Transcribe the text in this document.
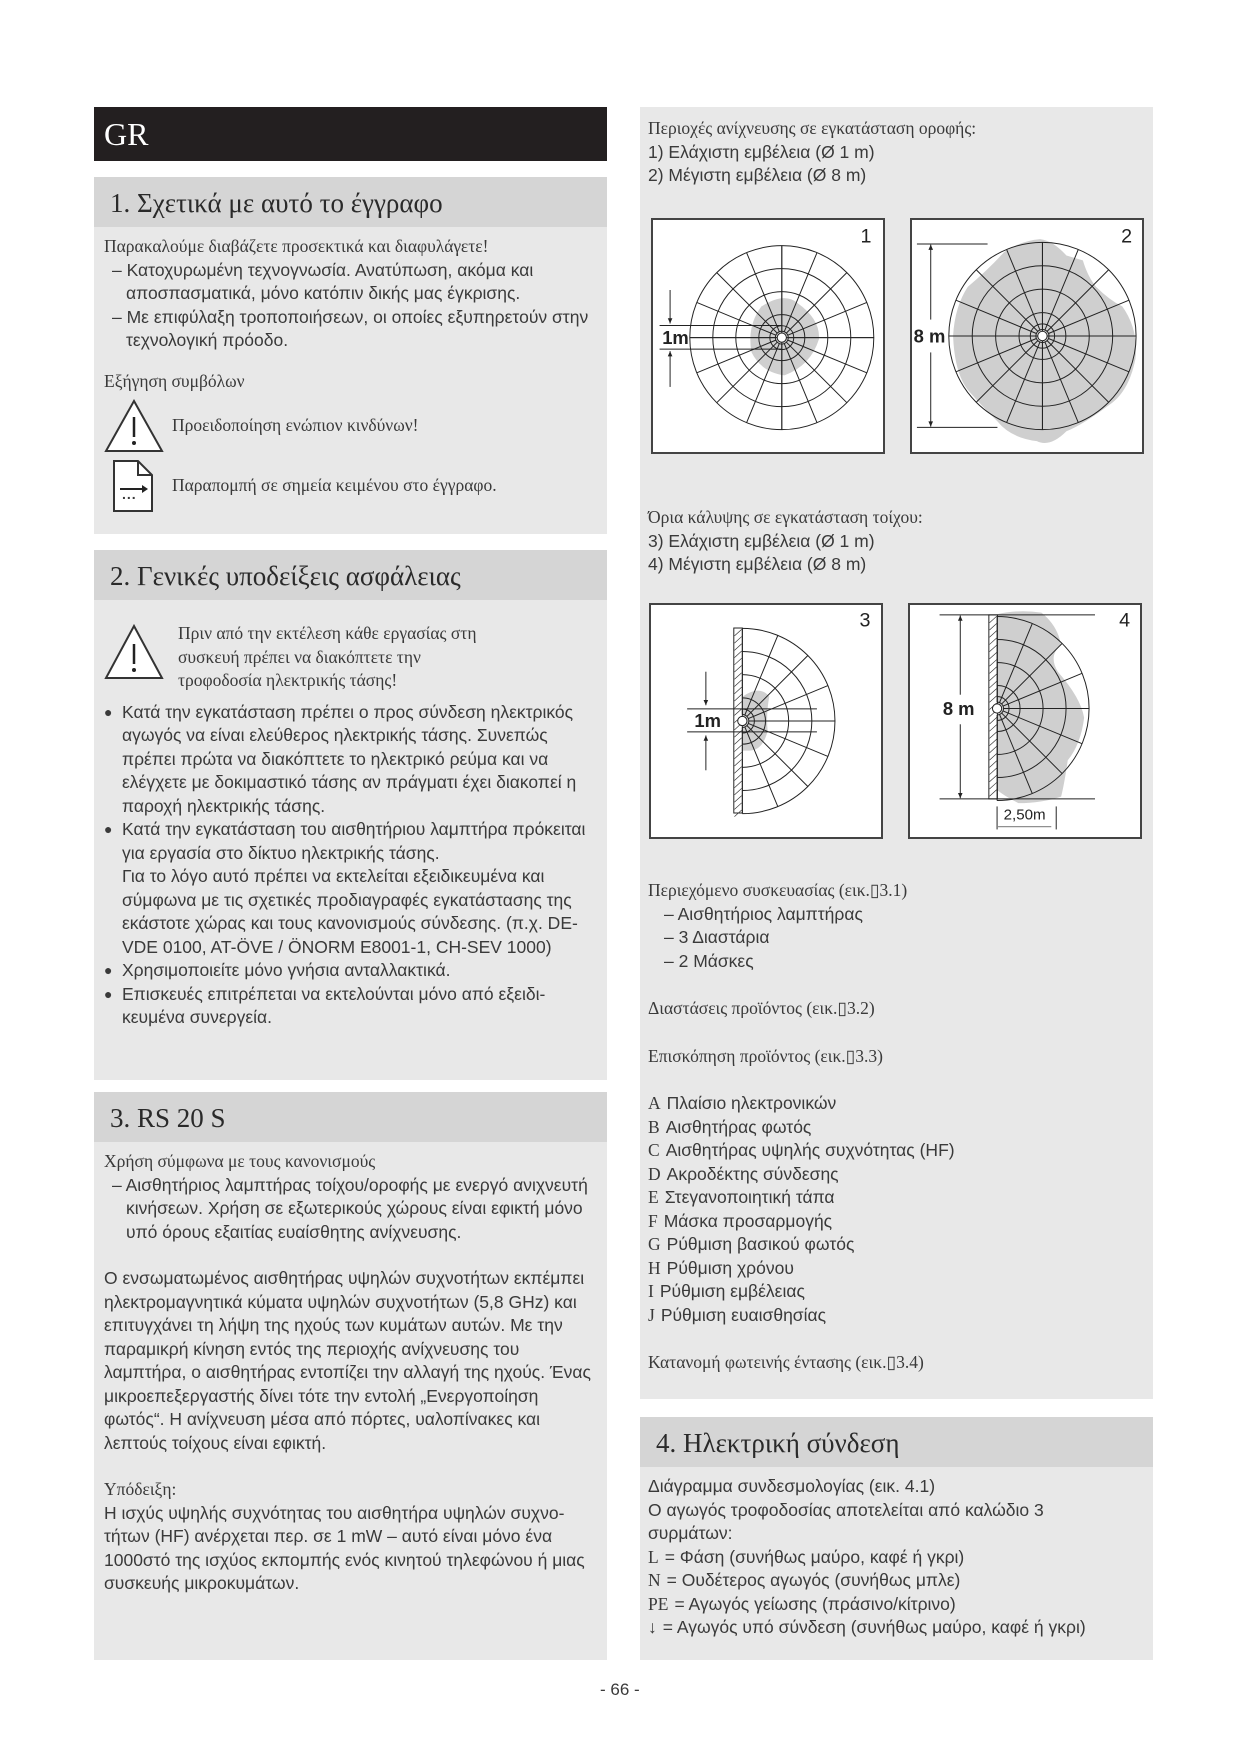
GR
1. Σχετικά με αυτό το έγγραφο
Παρακαλούμε διαβάζετε προσεκτικά και διαφυλάγετε!
– Κατοχυρωμένη τεχνογνωσία. Ανατύπωση, ακόμα και αποσπασματικά, μόνο κατόπιν δικής μας έγκρισης.
– Με επιφύλαξη τροποποιήσεων, οι οποίες εξυπηρετούν στην τεχνολογική πρόοδο.
Εξήγηση συμβόλων
Προειδοποίηση ενώπιον κινδύνων!
... Παραπομπή σε σημεία κειμένου στο έγγραφο.
2. Γενικές υποδείξεις ασφάλειας
Πριν από την εκτέλεση κάθε εργασίας στη συσκευή πρέπει να διακόπτετε την τροφοδοσία ηλεκτρικής τάσης!
● Κατά την εγκατάσταση πρέπει ο προς σύνδεση ηλεκτρικός αγωγός να είναι ελεύθερος ηλεκτρικής τάσης. Συνεπώς πρέπει πρώτα να διακόπτετε το ηλεκτρικό ρεύμα και να ελέγχετε με δοκιμαστικό τάσης αν πράγματι έχει διακοπεί η παροχή ηλεκτρικής τάσης.
● Κατά την εγκατάσταση του αισθητήριου λαμπτήρα πρόκειται για εργασία στο δίκτυο ηλεκτρικής τάσης.
Για το λόγο αυτό πρέπει να εκτελείται εξειδικευμένα και σύμφωνα με τις σχετικές προδιαγραφές εγκατάστασης της εκάστοτε χώρας και τους κανονισμούς σύνδεσης. (π.χ. DE-VDE 0100, AT-ÖVE / ÖNORM E8001-1, CH-SEV 1000)
● Χρησιμοποιείτε μόνο γνήσια ανταλλακτικά.
● Επισκευές επιτρέπεται να εκτελούνται μόνο από εξειδικευμένα συνεργεία.
3. RS 20 S
Χρήση σύμφωνα με τους κανονισμούς
– Αισθητήριος λαμπτήρας τοίχου/οροφής με ενεργό ανιχνευτή κινήσεων. Χρήση σε εξωτερικούς χώρους είναι εφικτή μόνο υπό όρους εξαιτίας ευαίσθητης ανίχνευσης.
Ο ενσωματωμένος αισθητήρας υψηλών συχνοτήτων εκπέμπει ηλεκτρομαγνητικά κύματα υψηλών συχνοτήτων (5,8 GHz) και επιτυγχάνει τη λήψη της ηχούς των κυμάτων αυτών. Με την παραμικρή κίνηση εντός της περιοχής ανίχνευσης του λαμπτήρα, ο αισθητήρας εντοπίζει την αλλαγή της ηχούς. Ένας μικροεπεξεργαστής δίνει τότε την εντολή „Ενεργοποίηση φωτός“. Η ανίχνευση μέσα από πόρτες, υαλοπίνακες και λεπτούς τοίχους είναι εφικτή.
Υπόδειξη:
Η ισχύς υψηλής συχνότητας του αισθητήρα υψηλών συχνοτήτων (HF) ανέρχεται περ. σε 1 mW – αυτό είναι μόνο ένα 1000στό της ισχύος εκπομπής ενός κινητού τηλεφώνου ή μιας συσκευής μικροκυμάτων.
Περιοχές ανίχνευσης σε εγκατάσταση οροφής:
1) Ελάχιστη εμβέλεια (Ø 1 m)
2) Μέγιστη εμβέλεια (Ø 8 m)
Όρια κάλυψης σε εγκατάσταση τοίχου:
3) Ελάχιστη εμβέλεια (Ø 1 m)
4) Μέγιστη εμβέλεια (Ø 8 m)
Περιεχόμενο συσκευασίας (εικ.▯3.1)
– Αισθητήριος λαμπτήρας
– 3 Διαστάρια
– 2 Μάσκες
Διαστάσεις προϊόντος (εικ.▯3.2)
Επισκόπηση προϊόντος (εικ.▯3.3)
A Πλαίσιο ηλεκτρονικών
B Αισθητήρας φωτός
C Αισθητήρας υψηλής συχνότητας (HF)
D Ακροδέκτης σύνδεσης
E Στεγανοποιητική τάπα
F Μάσκα προσαρμογής
G Ρύθμιση βασικού φωτός
H Ρύθμιση χρόνου
I Ρύθμιση εμβέλειας
J Ρύθμιση ευαισθησίας
Κατανομή φωτεινής έντασης (εικ.▯3.4)
1m
1
8 m
2
1m
3
8 m
2,50m
4
4. Ηλεκτρική σύνδεση
Διάγραμμα συνδεσμολογίας (εικ. 4.1)
Ο αγωγός τροφοδοσίας αποτελείται από καλώδιο 3 συρμάτων:
L = Φάση (συνήθως μαύρο, καφέ ή γκρι)
N = Ουδέτερος αγωγός (συνήθως μπλε)
PE = Αγωγός γείωσης (πράσινο/κίτρινο)
↓ = Αγωγός υπό σύνδεση (συνήθως μαύρο, καφέ ή γκρι)
- 66 -
